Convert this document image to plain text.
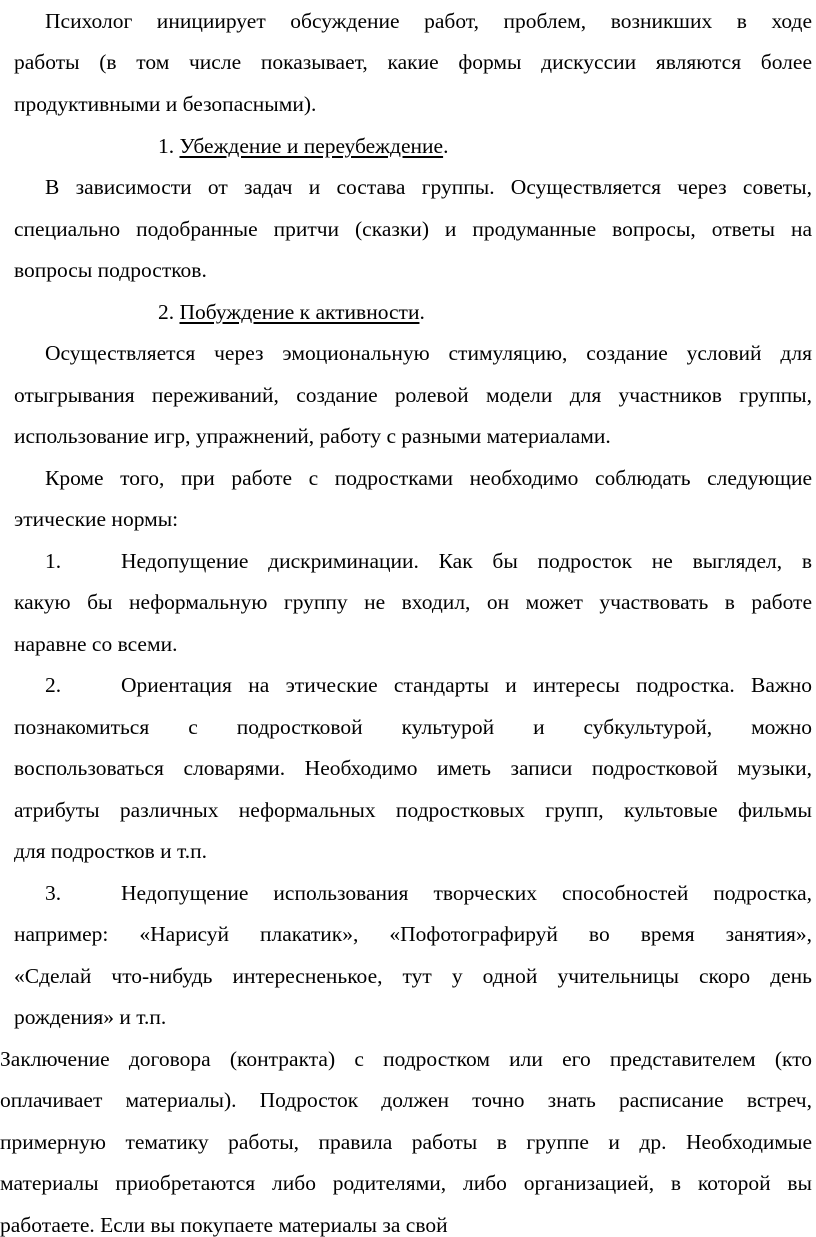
Психолог инициирует обсуждение работ, проблем, возникших в ходе
работы (в том числе показывает, какие формы дискуссии являются более
продуктивными и безопасными).
1. Убеждение и переубеждение.
В зависимости от задач и состава группы. Осуществляется через советы,
специально подобранные притчи (сказки) и продуманные вопросы, ответы на
вопросы подростков.
2. Побуждение к активности.
Осуществляется через эмоциональную стимуляцию, создание условий для
отыгрывания переживаний, создание ролевой модели для участников группы,
использование игр, упражнений, работу с разными материалами.
Кроме того, при работе с подростками необходимо соблюдать следующие
этические нормы:
1.	Недопущение дискриминации. Как бы подросток не выглядел, в
какую бы неформальную группу не входил, он может участвовать в работе
наравне со всеми.
2.	Ориентация на этические стандарты и интересы подростка. Важно
познакомиться с подростковой культурой и субкультурой, можно
воспользоваться словарями. Необходимо иметь записи подростковой музыки,
атрибуты различных неформальных подростковых групп, культовые фильмы
для подростков и т.п.
3.	Недопущение использования творческих способностей подростка,
например: «Нарисуй плакатик», «Пофотографируй во время занятия»,
«Сделай что-нибудь интересненькое, тут у одной учительницы скоро день
рождения» и т.п.
Заключение договора (контракта) с подростком или его представителем (кто
оплачивает материалы). Подросток должен точно знать расписание встреч,
примерную тематику работы, правила работы в группе и др. Необходимые
материалы приобретаются либо родителями, либо организацией, в которой вы
работаете. Если вы покупаете материалы за свой
